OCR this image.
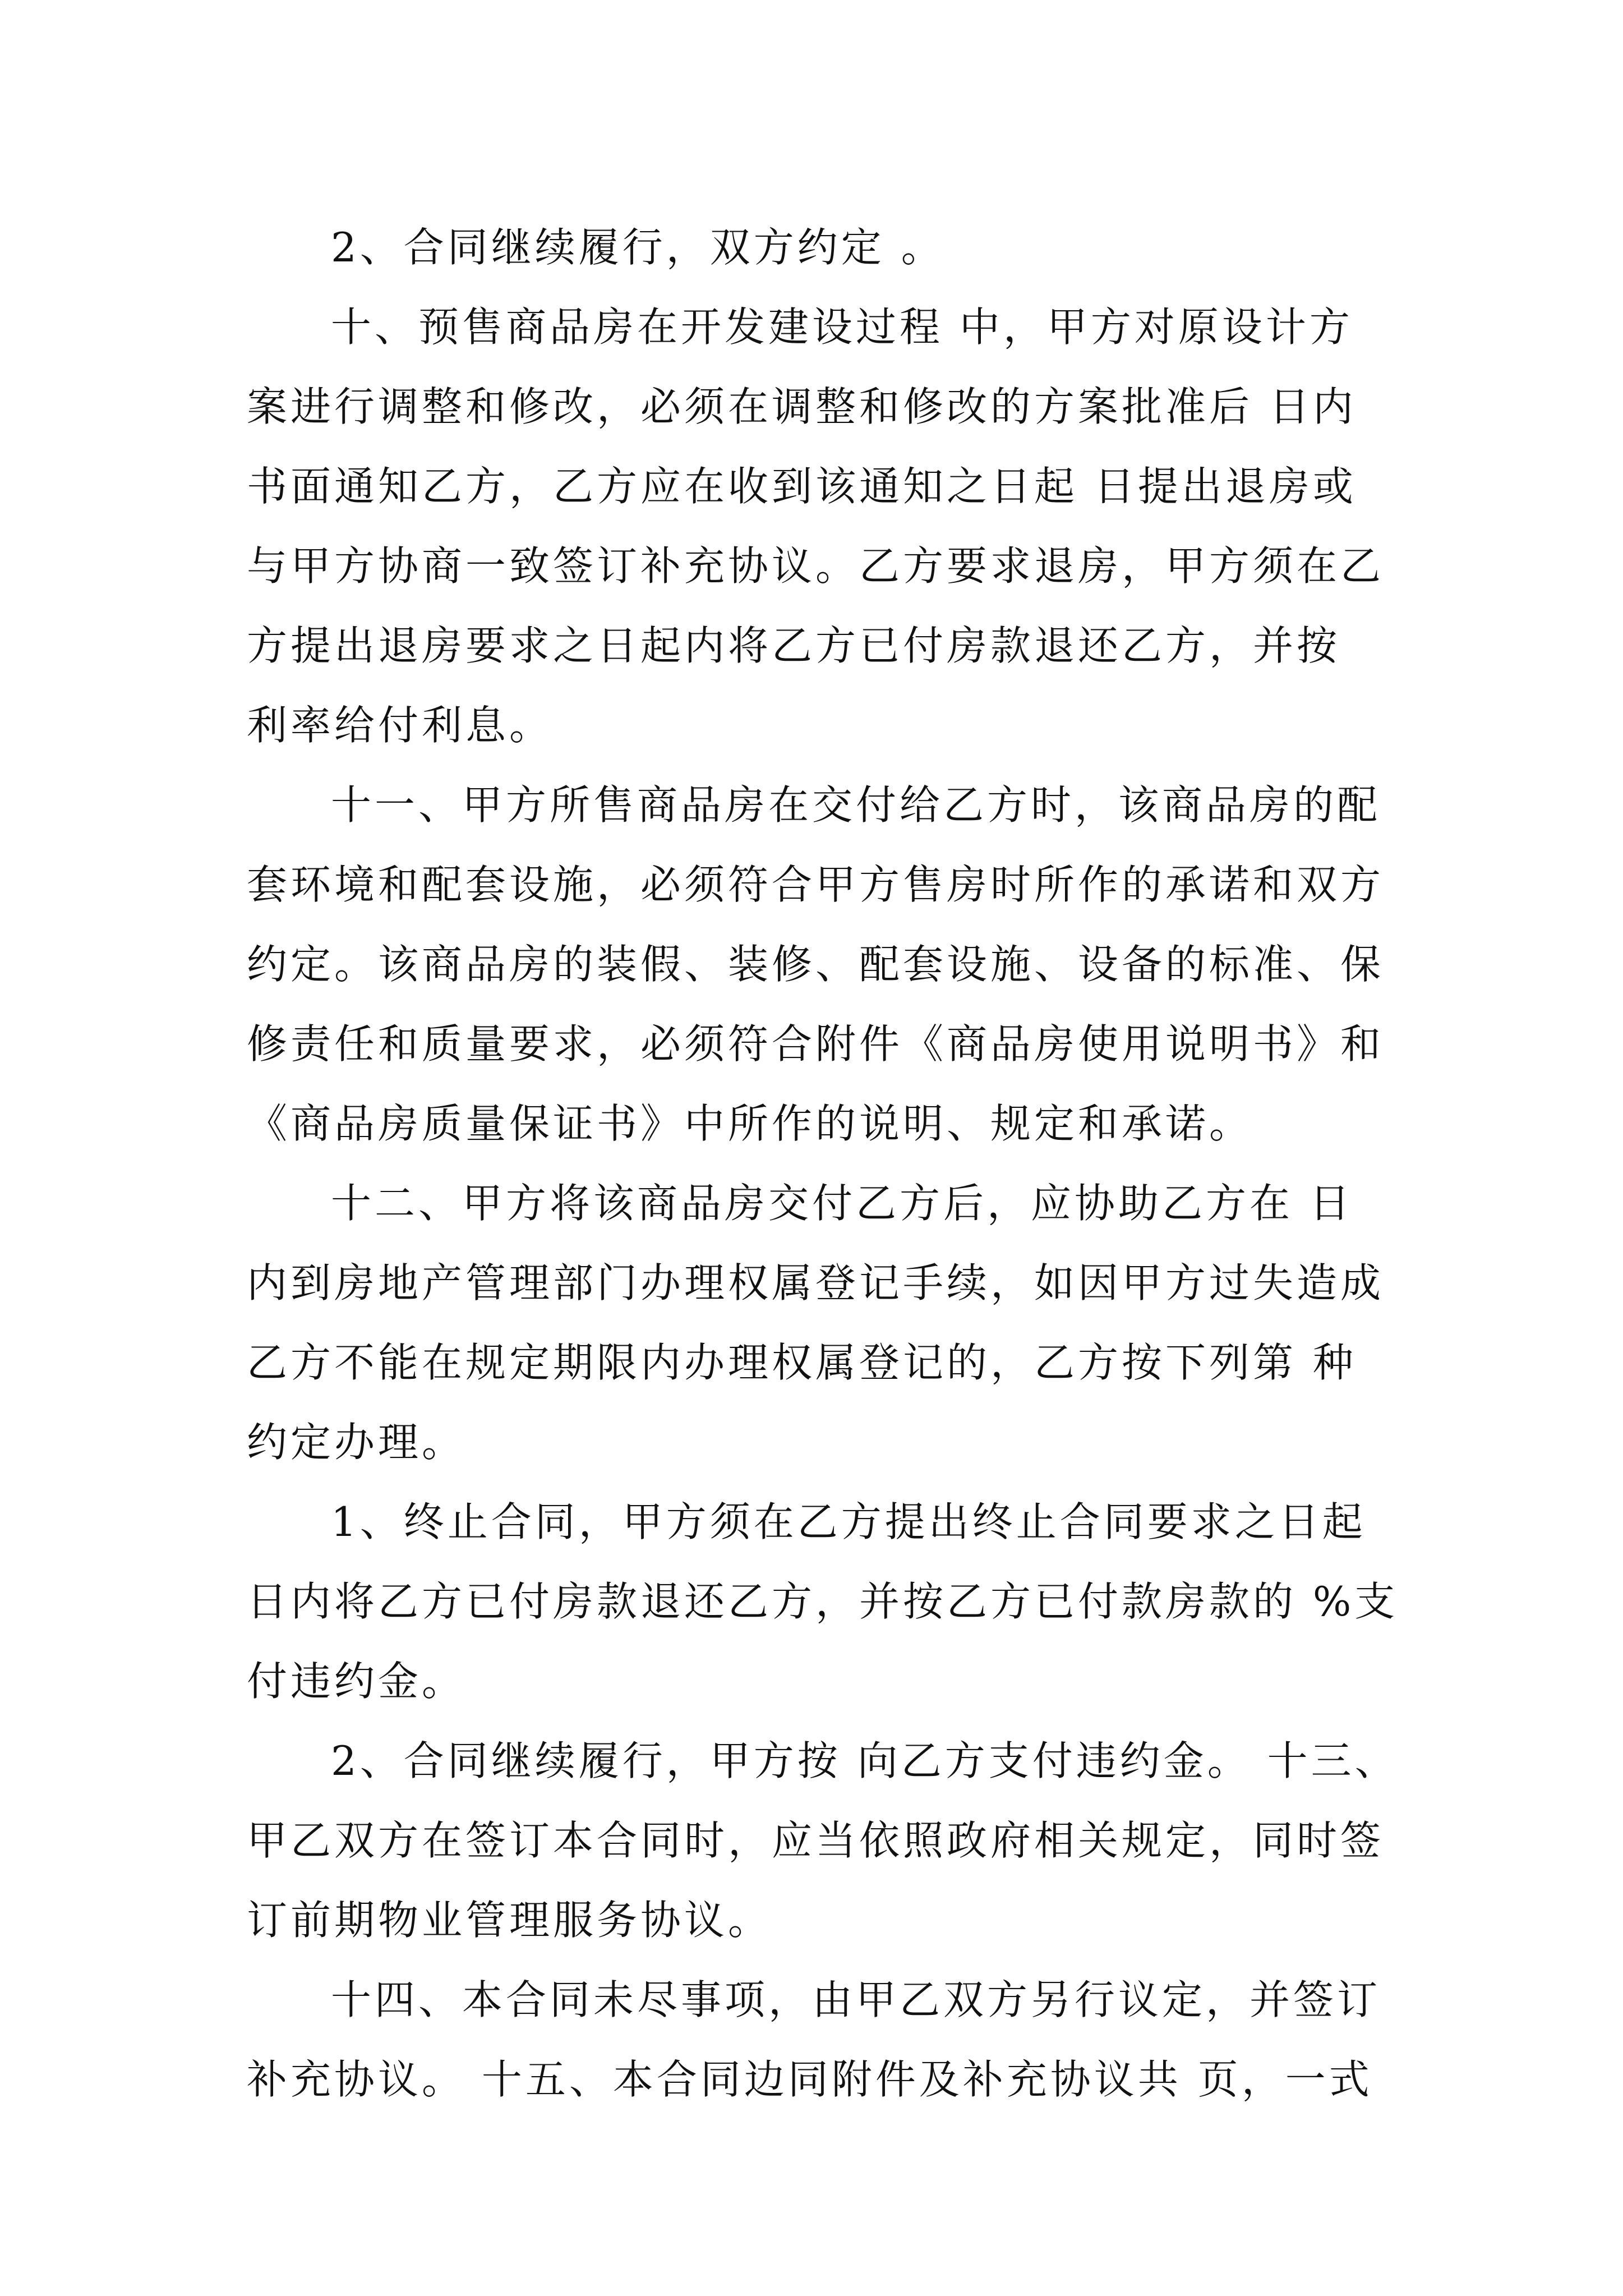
2、合同继续履行，双方约定 。
十、预售商品房在开发建设过程 中，甲方对原设计方
案进行调整和修改，必须在调整和修改的方案批准后 日内
书面通知乙方，乙方应在收到该通知之日起 日提出退房或
与甲方协商一致签订补充协议。乙方要求退房，甲方须在乙
方提出退房要求之日起内将乙方已付房款退还乙方，并按
利率给付利息。
十一、甲方所售商品房在交付给乙方时，该商品房的配
套环境和配套设施，必须符合甲方售房时所作的承诺和双方
约定。该商品房的装假、装修、配套设施、设备的标准、保
修责任和质量要求，必须符合附件《商品房使用说明书》和
《商品房质量保证书》中所作的说明、规定和承诺。
十二、甲方将该商品房交付乙方后，应协助乙方在 日
内到房地产管理部门办理权属登记手续，如因甲方过失造成
乙方不能在规定期限内办理权属登记的，乙方按下列第 种
约定办理。
1、终止合同，甲方须在乙方提出终止合同要求之日起
日内将乙方已付房款退还乙方，并按乙方已付款房款的 %支
付违约金。
2、合同继续履行，甲方按 向乙方支付违约金。 十三、
甲乙双方在签订本合同时，应当依照政府相关规定，同时签
订前期物业管理服务协议。
十四、本合同未尽事项，由甲乙双方另行议定，并签订
补充协议。 十五、本合同边同附件及补充协议共 页，一式
